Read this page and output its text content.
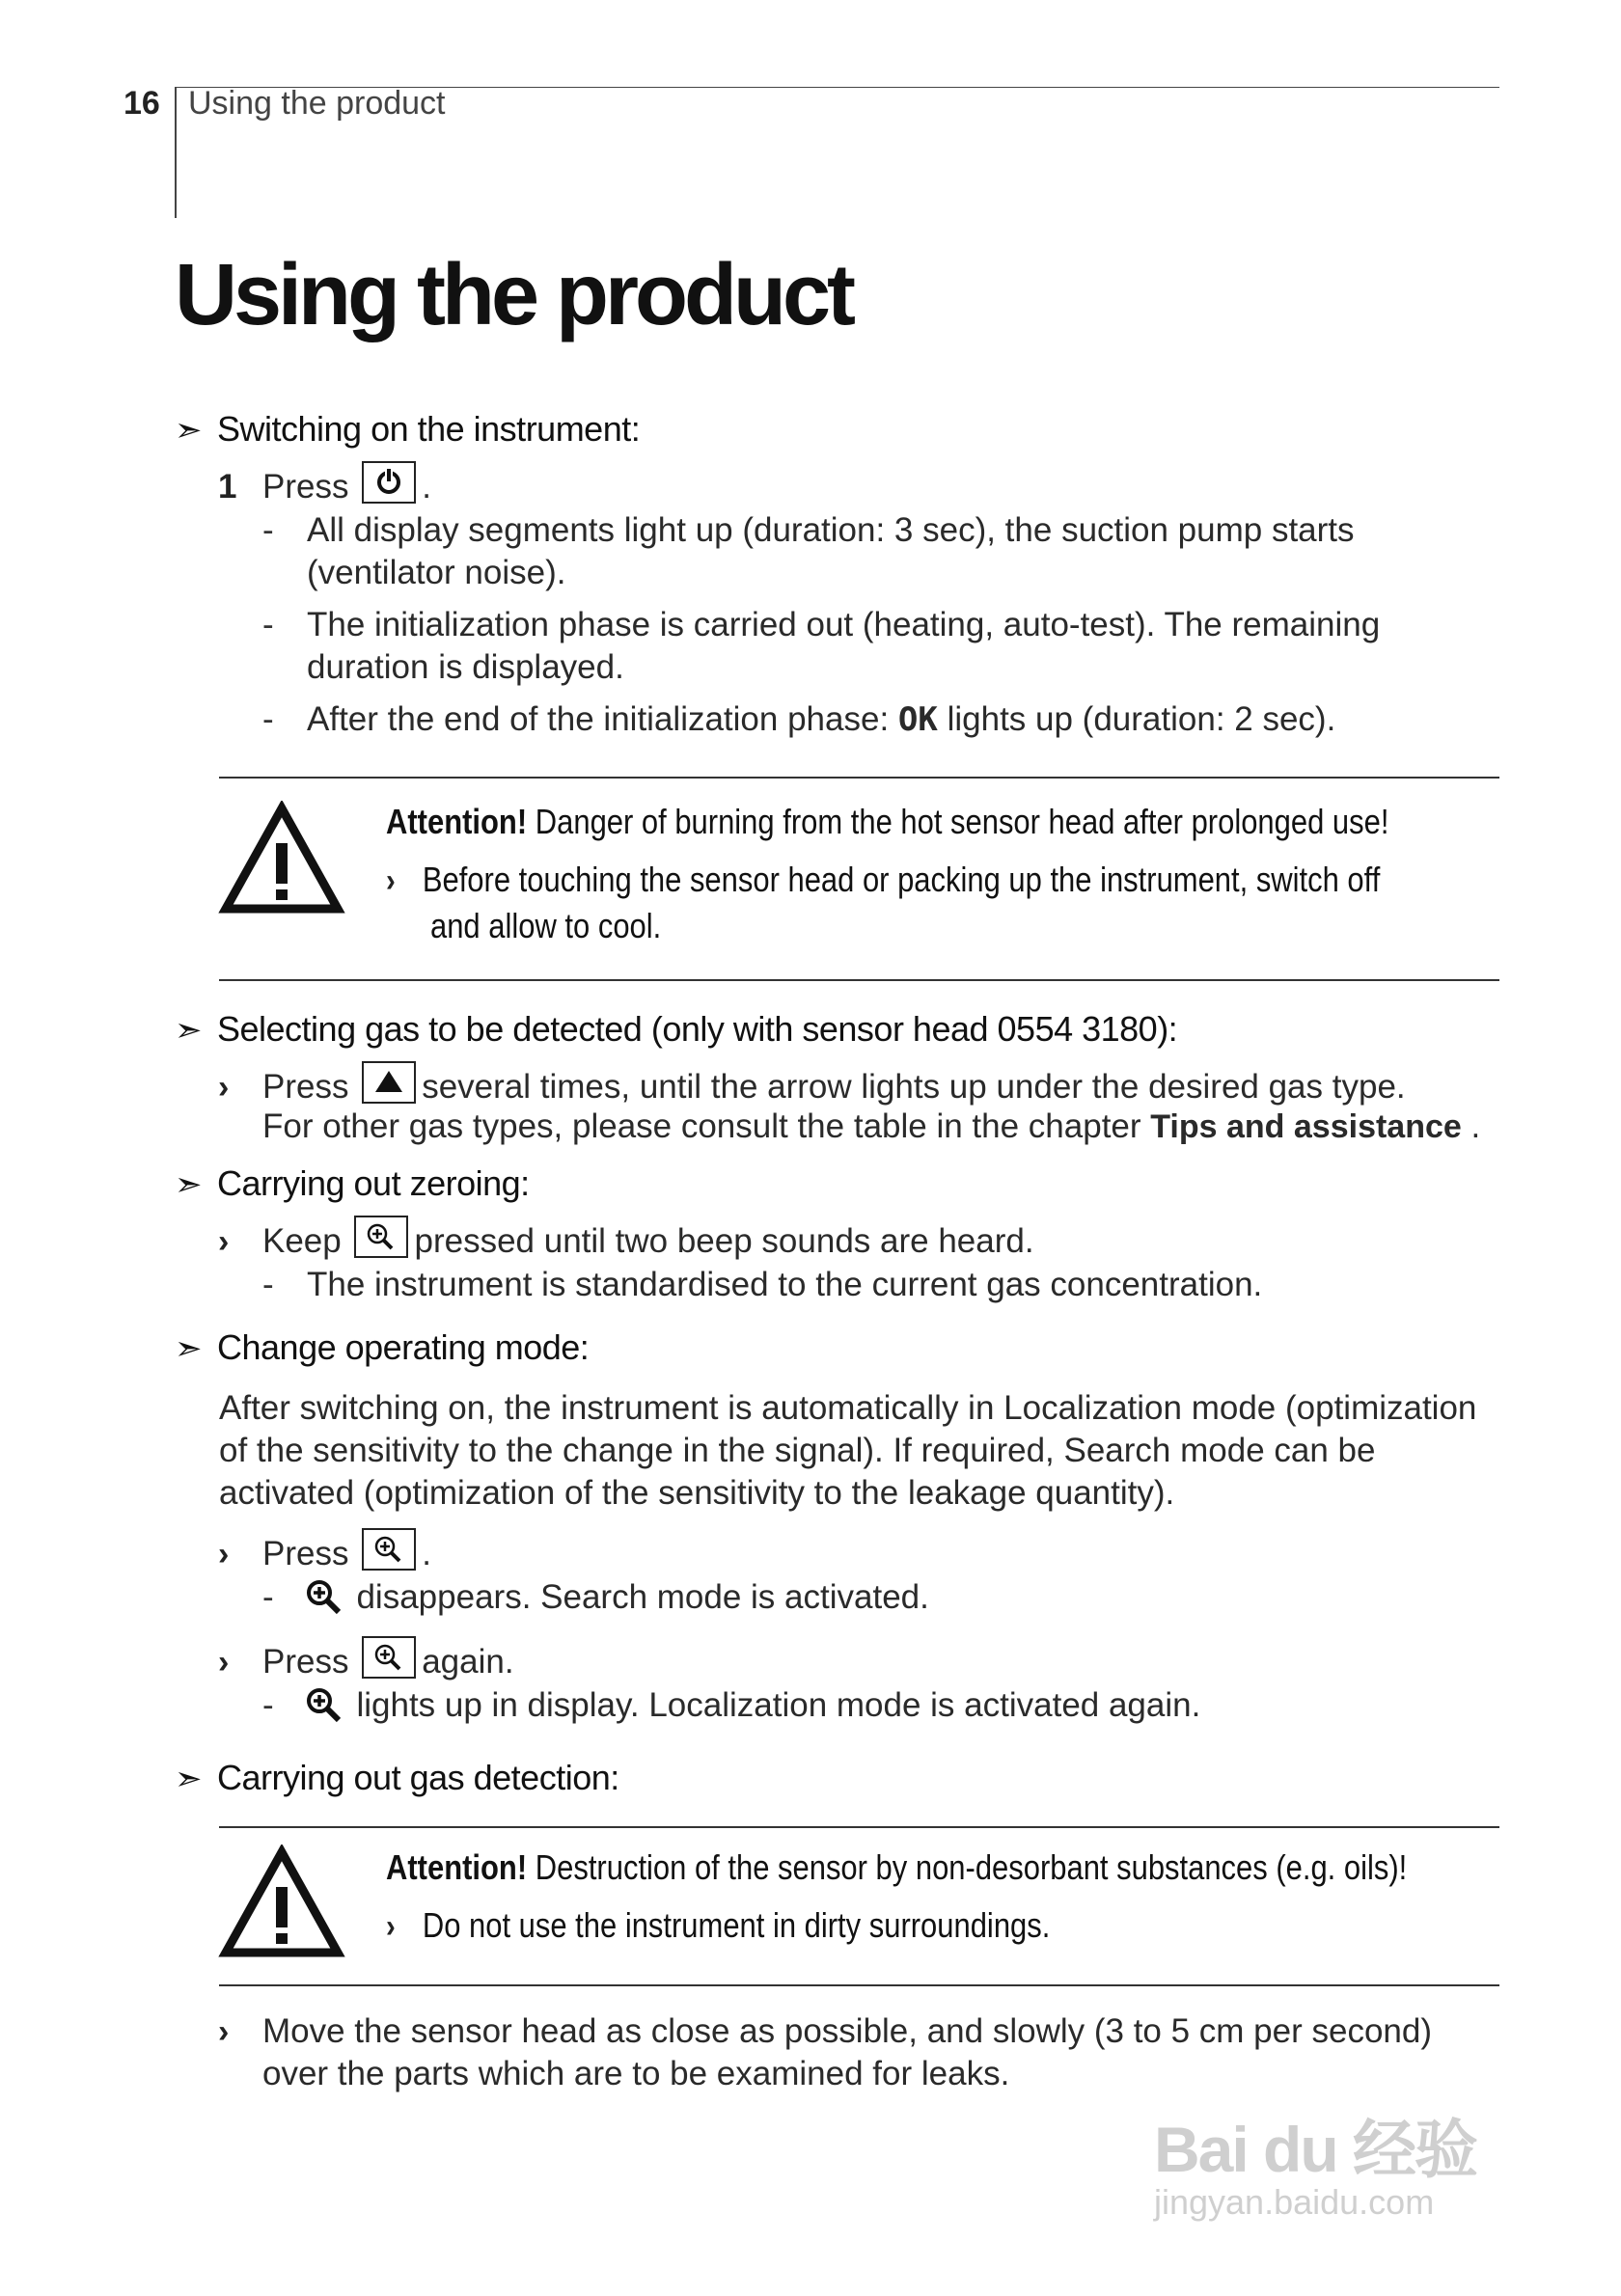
16 Using the product
Using the product
➣ Switching on the instrument:
1 Press .
- All display segments light up (duration: 3 sec), the suction pump starts
(ventilator noise).
- The initialization phase is carried out (heating, auto-test). The remaining
duration is displayed.
- After the end of the initialization phase: OK lights up (duration: 2 sec).
Attention! Danger of burning from the hot sensor head after prolonged use!
› Before touching the sensor head or packing up the instrument, switch off
and allow to cool.
➣ Selecting gas to be detected (only with sensor head 0554 3180):
› Press several times, until the arrow lights up under the desired gas type.
For other gas types, please consult the table in the chapter Tips and assistance .
➣ Carrying out zeroing:
› Keep pressed until two beep sounds are heard.
- The instrument is standardised to the current gas concentration.
➣ Change operating mode:
After switching on, the instrument is automatically in Localization mode (optimization
of the sensitivity to the change in the signal). If required, Search mode can be
activated (optimization of the sensitivity to the leakage quantity).
› Press .
- disappears. Search mode is activated.
› Press again.
- lights up in display. Localization mode is activated again.
➣ Carrying out gas detection:
Attention! Destruction of the sensor by non-desorbant substances (e.g. oils)!
› Do not use the instrument in dirty surroundings.
› Move the sensor head as close as possible, and slowly (3 to 5 cm per second)
over the parts which are to be examined for leaks.
Bai du 经验
jingyan.baidu.com
